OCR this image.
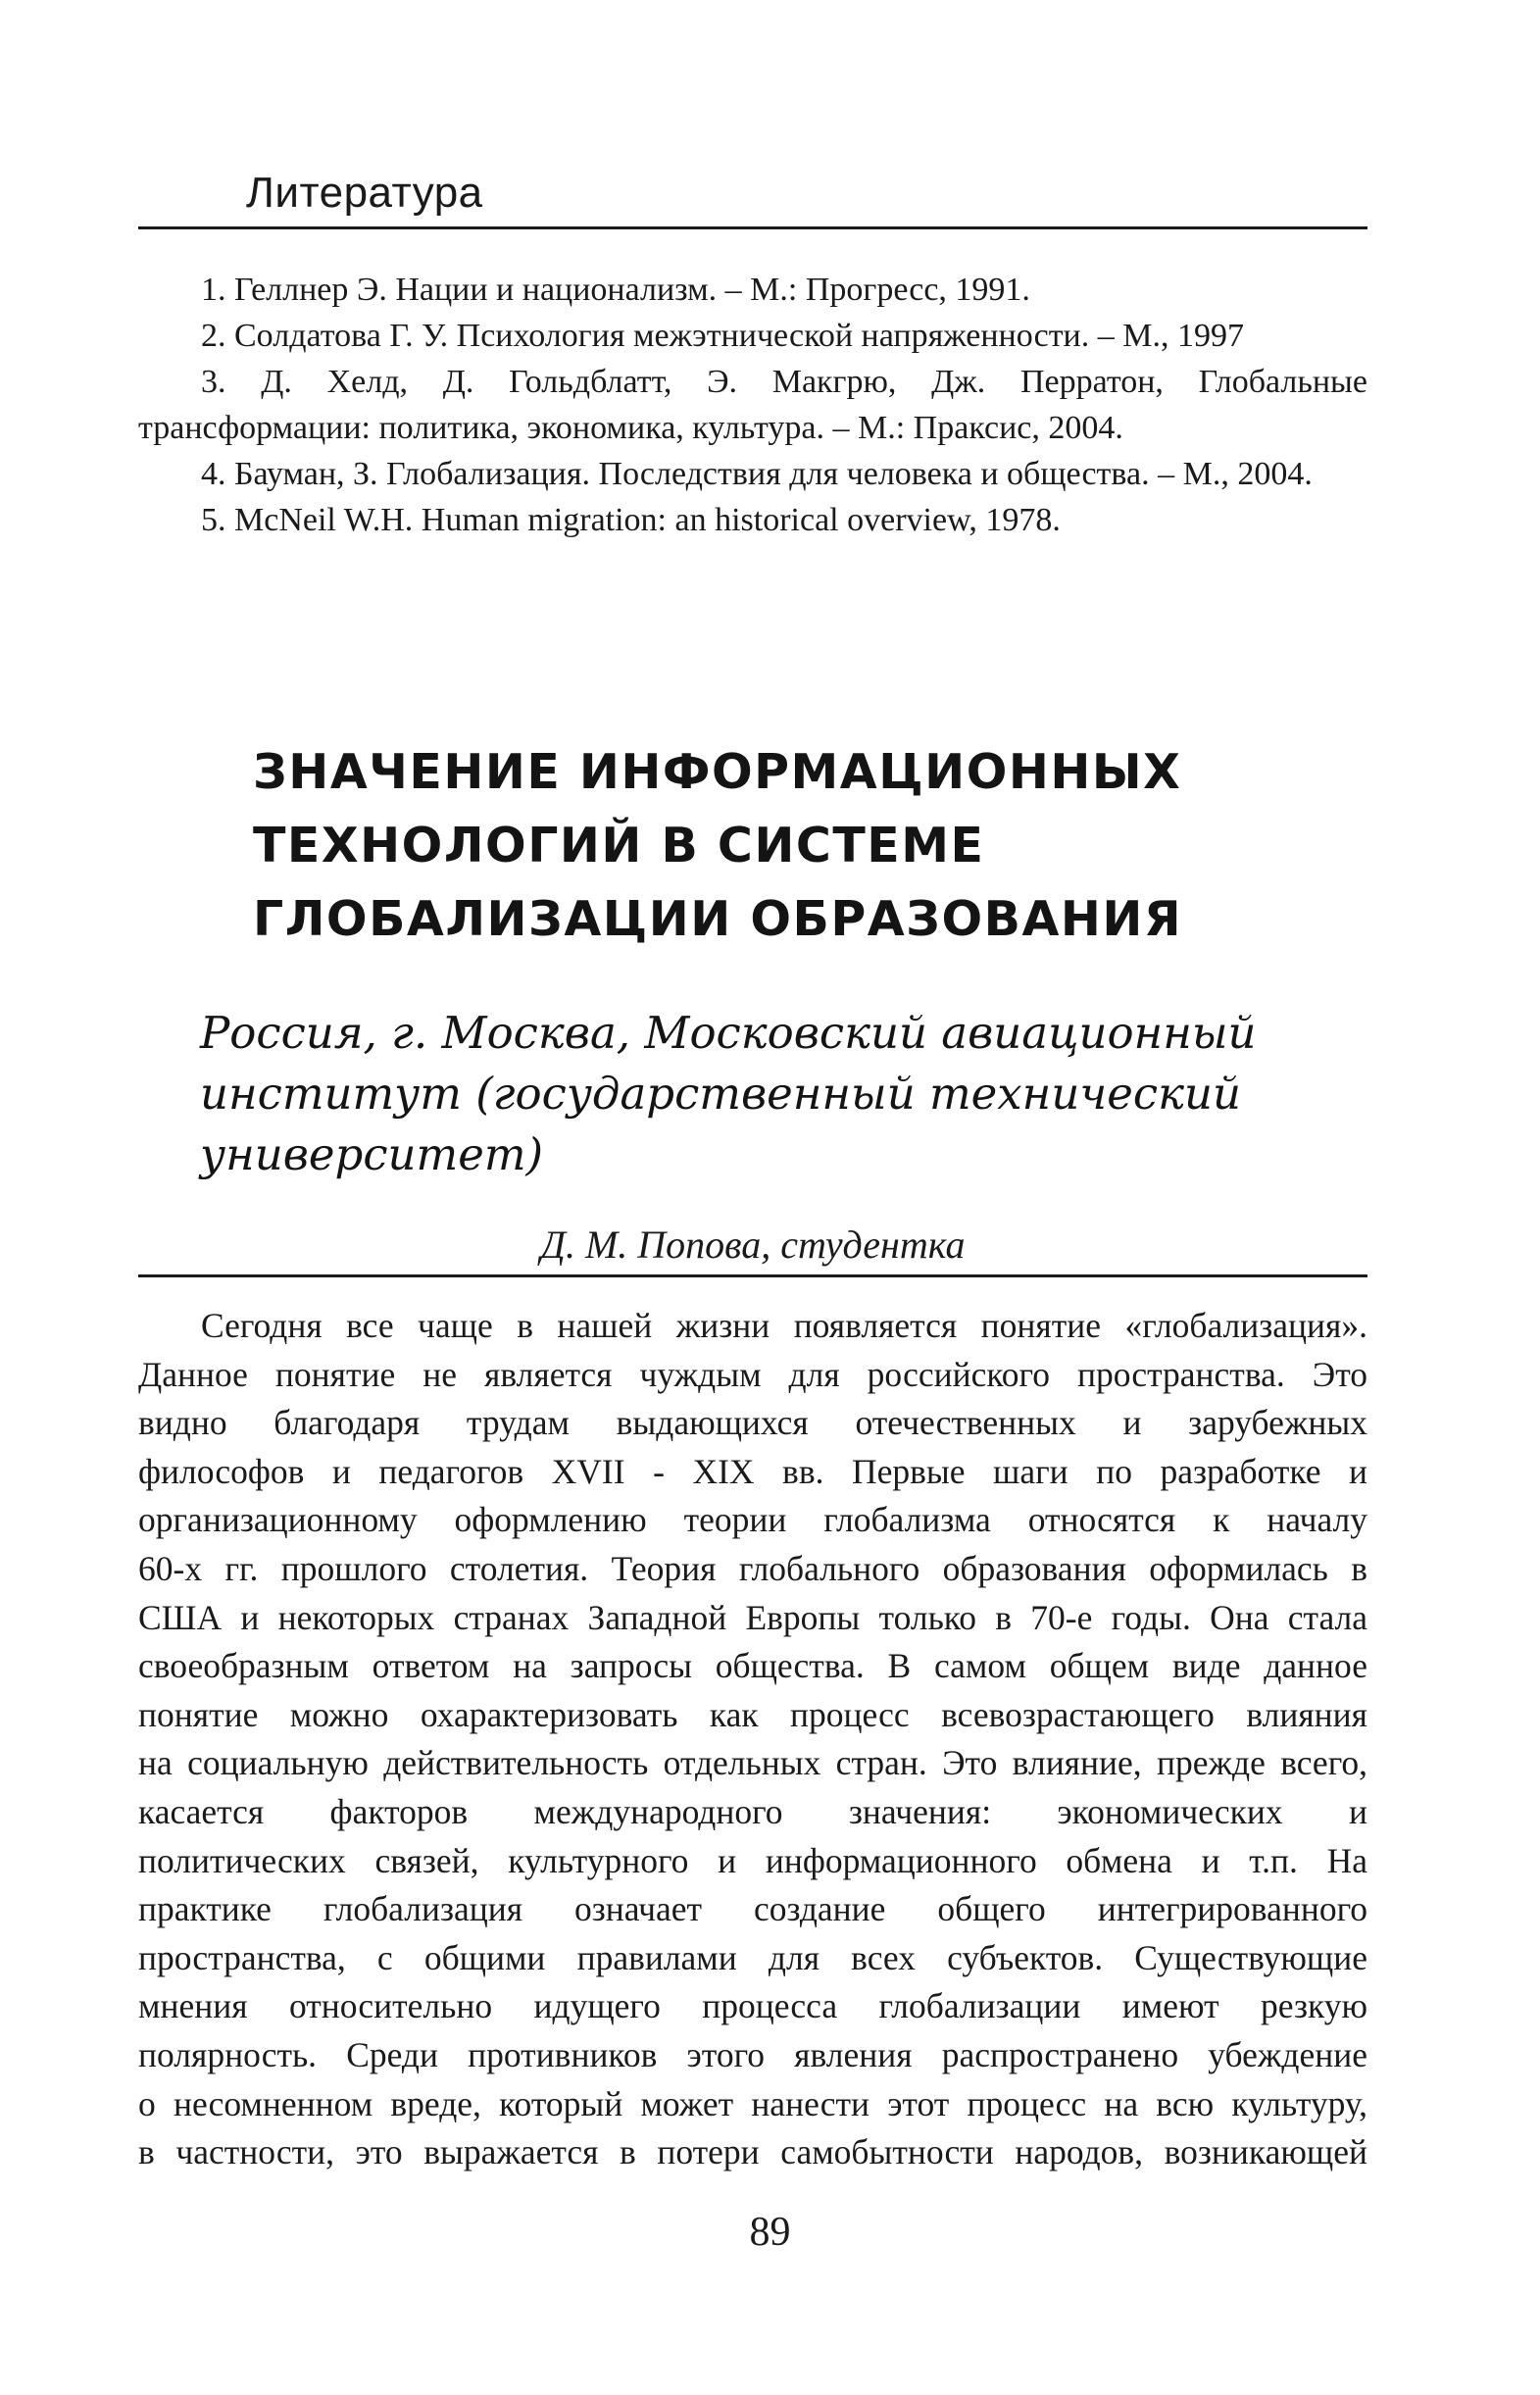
Литература

1. Геллнер Э. Нации и национализм. – М.: Прогресс, 1991.

2. Солдатова Г. У. Психология межэтнической напряженности. – М., 1997

3. Д. Хелд, Д. Гольдблатт, Э. Макгрю, Дж. Перратон, Глобальные трансформации: политика, экономика, культура. – М.: Праксис, 2004.

4. Бауман, З. Глобализация. Последствия для человека и общества. – М., 2004.

5. McNeil W.H. Human migration: an historical overview, 1978.

ЗНАЧЕНИЕ ИНФОРМАЦИОННЫХ
ТЕХНОЛОГИЙ В СИСТЕМЕ
ГЛОБАЛИЗАЦИИ ОБРАЗОВАНИЯ
Россия, г. Москва, Московский авиационный
институт (государственный технический
университет)
Д. М. Попова, студентка
Сегодня все чаще в нашей жизни появляется понятие «глобализация».
Данное понятие не является чуждым для российского пространства. Это
видно благодаря трудам выдающихся отечественных и зарубежных
философов и педагогов XVII - XIX вв. Первые шаги по разработке и
организационному оформлению теории глобализма относятся к началу
60-х гг. прошлого столетия. Теория глобального образования оформилась в
США и некоторых странах Западной Европы только в 70-е годы. Она стала
своеобразным ответом на запросы общества. В самом общем виде данное
понятие можно охарактеризовать как процесс всевозрастающего влияния
на социальную действительность отдельных стран. Это влияние, прежде всего,
касается факторов международного значения: экономических и
политических связей, культурного и информационного обмена и т.п. На
практике глобализация означает создание общего интегрированного
пространства, с общими правилами для всех субъектов. Существующие
мнения относительно идущего процесса глобализации имеют резкую
полярность. Среди противников этого явления распространено убеждение
о несомненном вреде, который может нанести этот процесс на всю культуру,
в частности, это выражается в потери самобытности народов, возникающей
89
